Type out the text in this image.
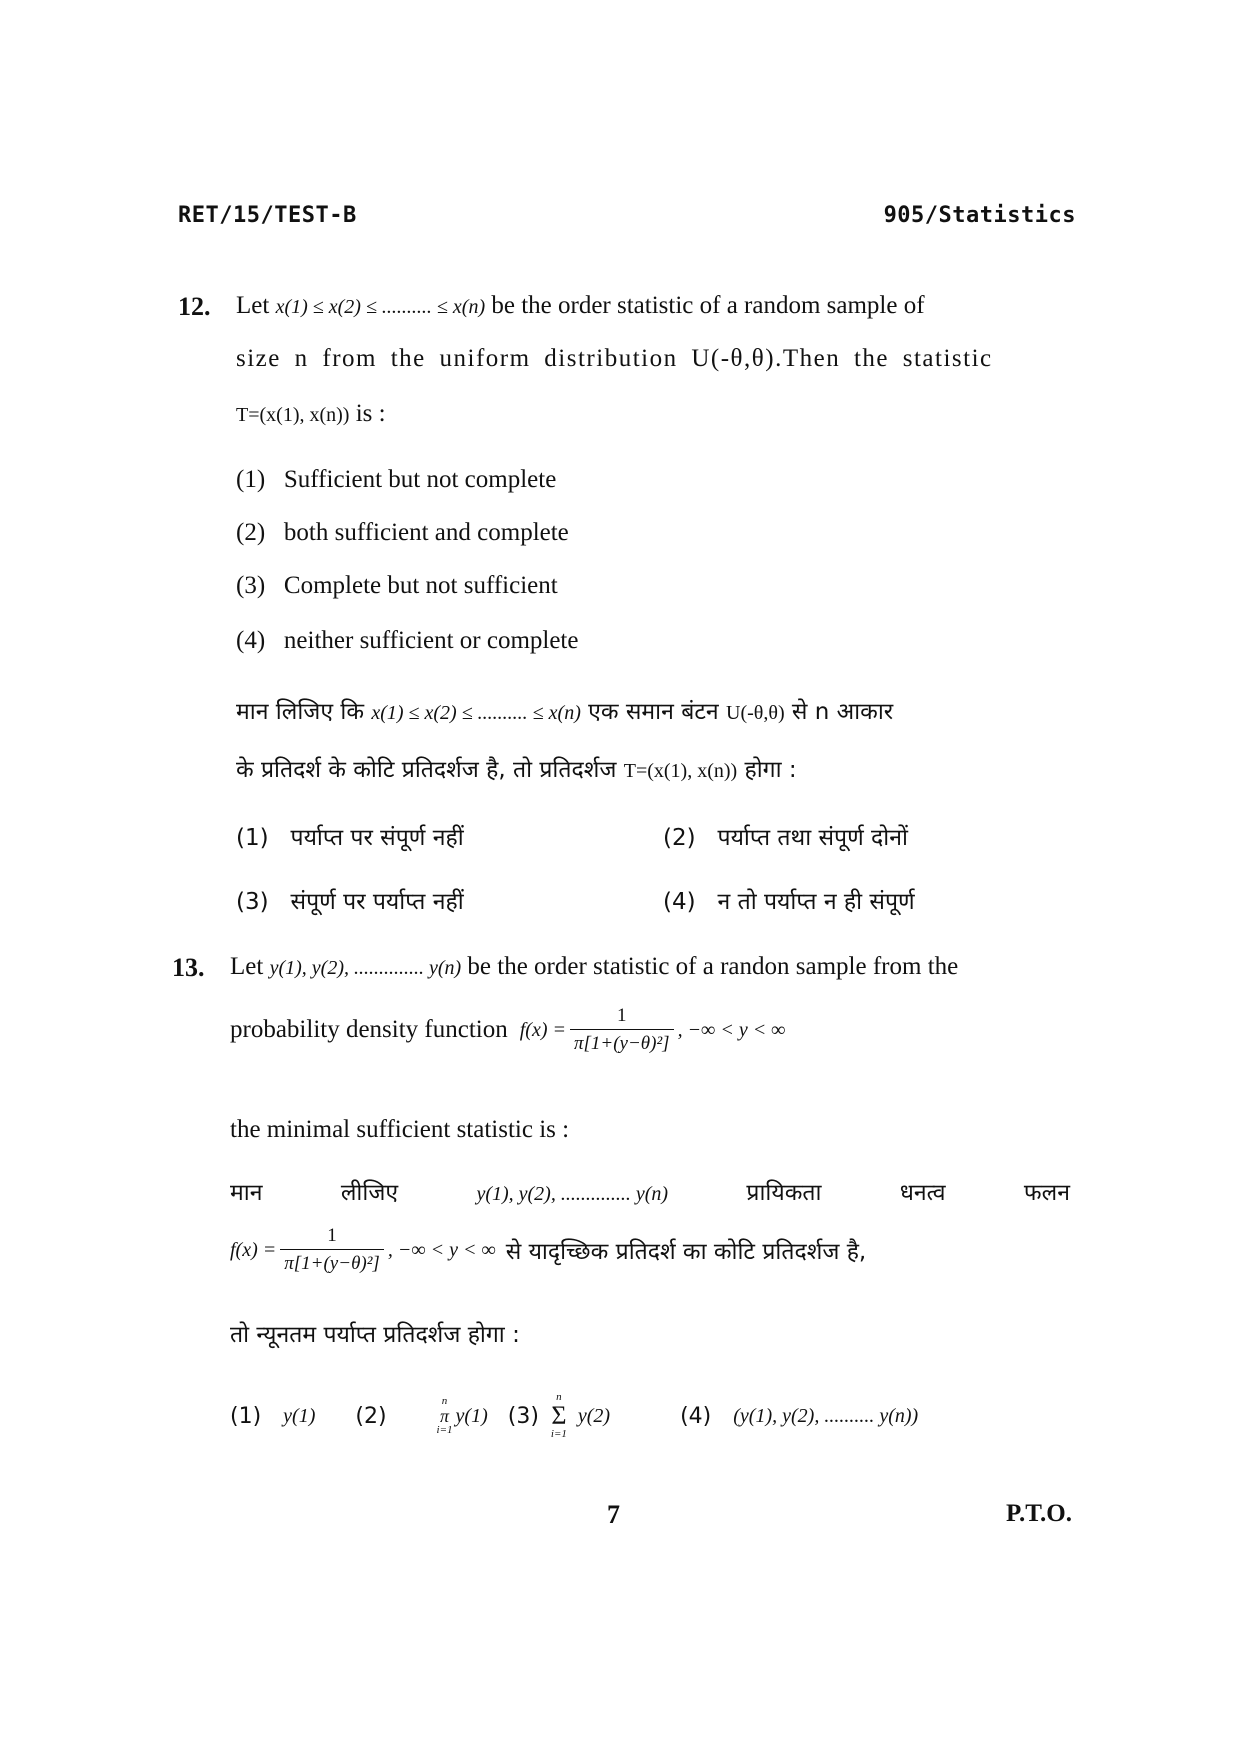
RET/15/TEST-B	905/Statistics
12. Let x(1) ≤ x(2) ≤ .......... ≤ x(n) be the order statistic of a random sample of
size n from the uniform distribution U(-θ,θ).Then the statistic
T=(x(1), x(n)) is :
(1) Sufficient but not complete
(2) both sufficient and complete
(3) Complete but not sufficient
(4) neither sufficient or complete
मान लिजिए कि x(1) ≤ x(2) ≤ .......... ≤ x(n) एक समान बंटन U(-θ,θ) से n आकार
के प्रतिदर्श के कोटि प्रतिदर्शज है, तो प्रतिदर्शज T=(x(1), x(n)) होगा :
(1) पर्याप्त पर संपूर्ण नहीं	(2) पर्याप्त तथा संपूर्ण दोनों
(3) संपूर्ण पर पर्याप्त नहीं	(4) न तो पर्याप्त न ही संपूर्ण
13. Let y(1), y(2), .............. y(n) be the order statistic of a randon sample from the
probability density function $f(x) = \frac{1}{\text{π[1+(y−θ)²]}}$ , −∞ < y < ∞
the minimal sufficient statistic is :
मान	लीजिए	y(1), y(2), .............. y(n)	प्रायिकता	धनत्व	फलन
$f(x) = \frac{1}{\text{π[1+(y−θ)²]}}$ , −∞ < y < ∞ से यादृच्छिक प्रतिदर्श का कोटि प्रतिदर्शज है,
तो न्यूनतम पर्याप्त प्रतिदर्शज होगा :
(1) y(1) (2)
n
π
i=1
y(1) (3)
n
Σ
i=1
y(2)	(4) (y(1), y(2), .......... y(n))
7	P.T.O.
